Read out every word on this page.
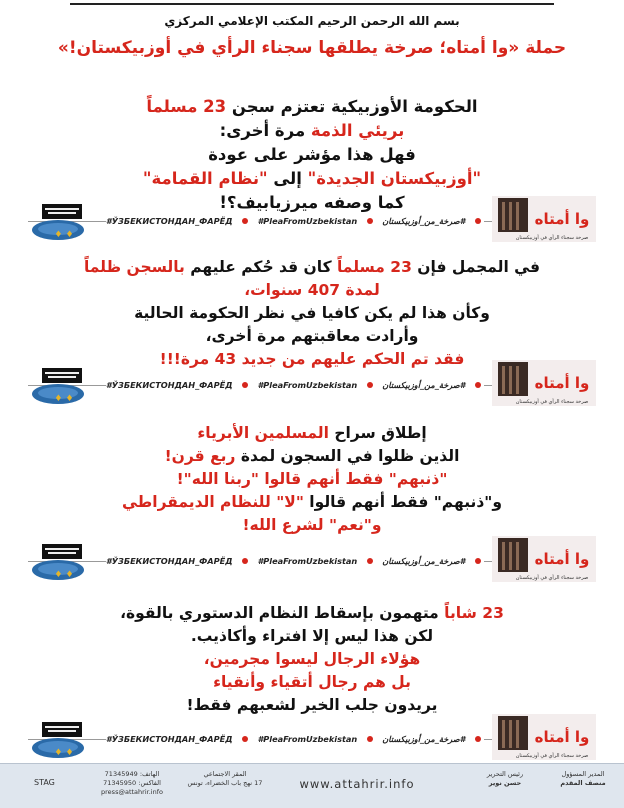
بسم الله الرحمن الرحيم المكتب الإعلامي المركزي
حملة «وا أمتاه؛ صرخة يطلقها سجناء الرأي في أوزبيكستان!»
الحكومة الأوزبيكية تعتزم سجن 23 مسلماً
بريئي الذمة مرة أخرى:
فهل هذا مؤشر على عودة
"أوزبيكستان الجديدة" إلى "نظام القمامة"
كما وصفه ميرزيابيف؟!
في المجمل فإن 23 مسلماً كان قد حُكم عليهم بالسجن ظلماً
لمدة 407 سنوات،
وكأن هذا لم يكن كافيا في نظر الحكومة الحالية
وأرادت معاقبتهم مرة أخرى،
فقد تم الحكم عليهم من جديد 43 مرة!!!
إطلاق سراح المسلمين الأبرياء
الذين ظلوا في السجون لمدة ربع قرن!
"ذنبهم" فقط أنهم قالوا "ربنا الله"!
و"ذنبهم" فقط أنهم قالوا "لا" للنظام الديمقراطي
و"نعم" لشرع الله!
23 شاباً متهمون بإسقاط النظام الدستوري بالقوة،
لكن هذا ليس إلا افتراء وأكاذيب.
هؤلاء الرجال ليسوا مجرمين،
بل هم رجال أتقياء وأنقياء
يريدون جلب الخير لشعبهم فقط!
♦ ♦
#ЎЗБЕКИСТОНДАН_ФАРЁД	#PleaFromUzbekistan	#صرخة_من_أوزبيكستان	وا أمتاه
صرخة سجناء الرأي في أوزبيكستان
♦ ♦
#ЎЗБЕКИСТОНДАН_ФАРЁД	#PleaFromUzbekistan	#صرخة_من_أوزبيكستان	وا أمتاه
صرخة سجناء الرأي في أوزبيكستان
♦ ♦
#ЎЗБЕКИСТОНДАН_ФАРЁД	#PleaFromUzbekistan	#صرخة_من_أوزبيكستان	وا أمتاه
صرخة سجناء الرأي في أوزبيكستان
♦ ♦
#ЎЗБЕКИСТОНДАН_ФАРЁД	#PleaFromUzbekistan	#صرخة_من_أوزبيكستان	وا أمتاه
صرخة سجناء الرأي في أوزبيكستان
المدير المسؤول
منصف المقدم
رئيس التحرير
حسن نوير
www.attahrir.info
المقر الاجتماعي
17 نهج باب الخضراء، تونس
الهاتف: 71345949
الفاكس: 71345950
press@attahrir.info
STAG
